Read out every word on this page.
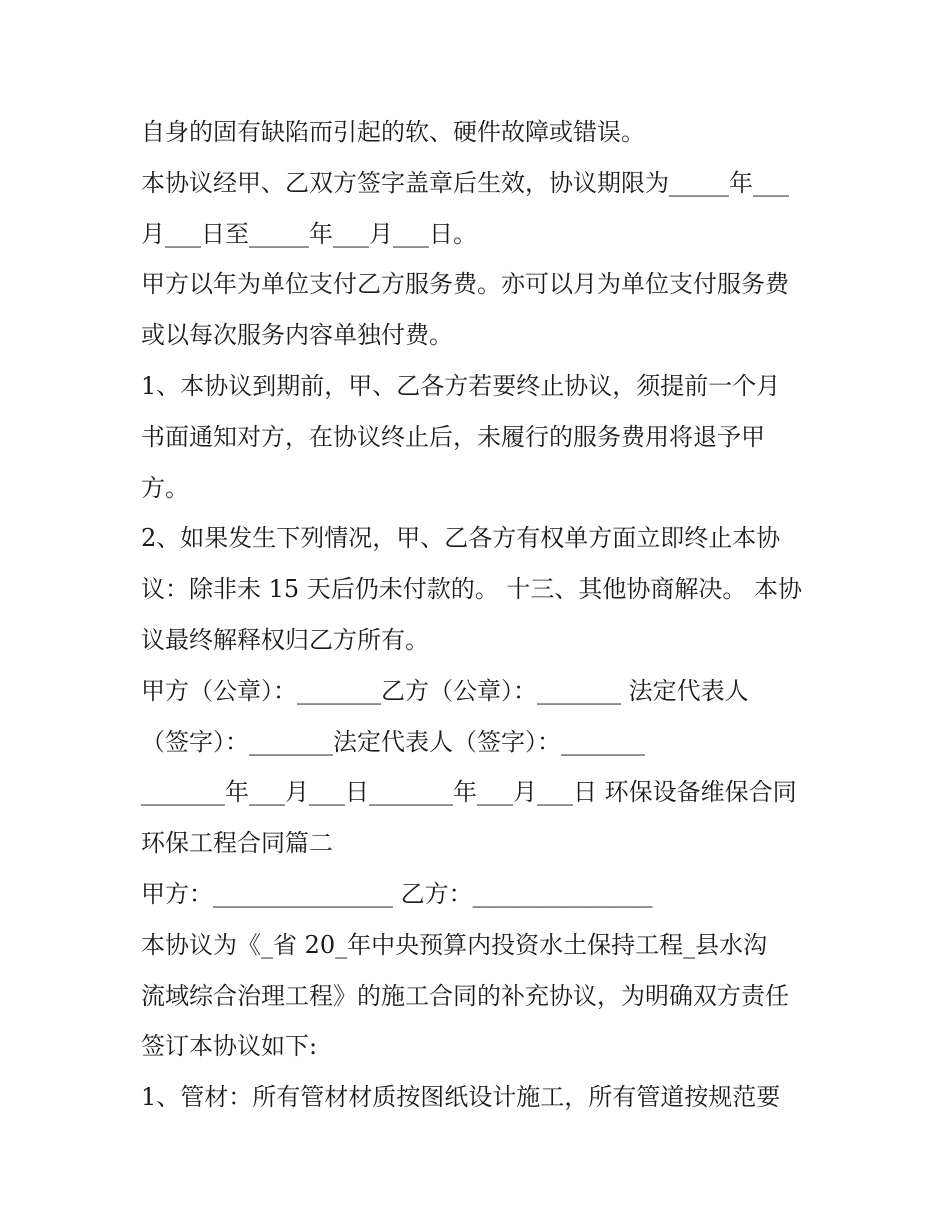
自身的固有缺陷而引起的软、硬件故障或错误。
本协议经甲、乙双方签字盖章后生效，协议期限为_____年___
月___日至_____年___月___日。
甲方以年为单位支付乙方服务费。亦可以月为单位支付服务费
或以每次服务内容单独付费。
1、本协议到期前，甲、乙各方若要终止协议，须提前一个月
书面通知对方，在协议终止后，未履行的服务费用将退予甲
方。
2、如果发生下列情况，甲、乙各方有权单方面立即终止本协
议：除非未 15 天后仍未付款的。 十三、其他协商解决。 本协
议最终解释权归乙方所有。
甲方（公章）：_______乙方（公章）：_______ 法定代表人
（签字）：_______法定代表人（签字）：_______
_______年___月___日_______年___月___日 环保设备维保合同
环保工程合同篇二
甲方：_______________ 乙方：_______________
本协议为《_省 20_年中央预算内投资水土保持工程_县水沟
流域综合治理工程》的施工合同的补充协议，为明确双方责任
签订本协议如下:
1、管材：所有管材材质按图纸设计施工，所有管道按规范要
